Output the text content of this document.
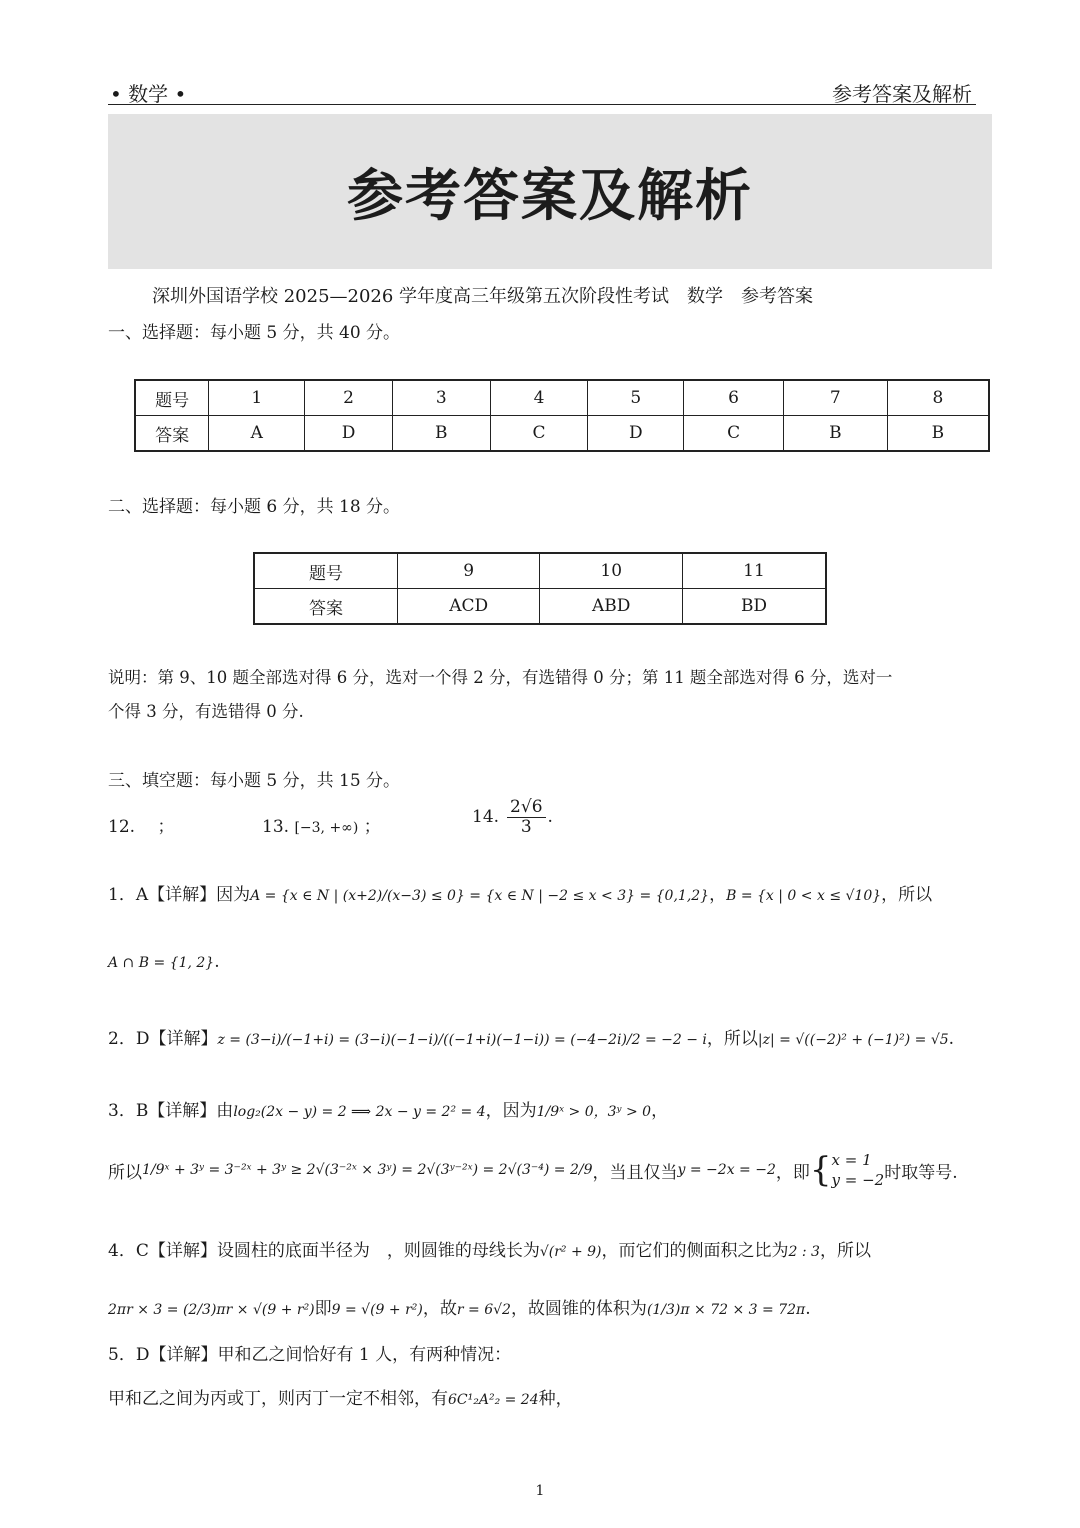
• 数学 •	参考答案及解析
参考答案及解析
深圳外国语学校 2025—2026 学年度高三年级第五次阶段性考试　数学　参考答案
一、选择题：每小题 5 分，共 40 分。
题号	1	2	3	4	5	6	7	8
答案	A	D	B	C	D	C	B	B
二、选择题：每小题 6 分，共 18 分。
题号	9	10	11
答案	ACD	ABD	BD
说明：第 9、10 题全部选对得 6 分，选对一个得 2 分，有选错得 0 分；第 11 题全部选对得 6 分，选对一
个得 3 分，有选错得 0 分.
三、填空题：每小题 5 分，共 15 分。
12.　 ；	13. [−3, +∞) ；	14. $\frac{2√6}{3}$ .
1．A【详解】因为A = {x ∈ N | (x+2)/(x−3) ≤ 0} = {x ∈ N | −2 ≤ x < 3} = {0,1,2}，B = {x | 0 < x ≤ √10}，所以
A ∩ B = {1, 2}.
2．D【详解】z = (3−i)/(−1+i) = (3−i)(−1−i)/((−1+i)(−1−i)) = (−4−2i)/2 = −2 − i，所以|z| = √((−2)² + (−1)²) = √5.
3．B【详解】由log₂(2x − y) = 2 ⟹ 2x − y = 2² = 4，因为1/9ˣ > 0，3ʸ > 0，
所以 1/9ˣ + 3ʸ = 3⁻²ˣ + 3ʸ ≥ 2√(3⁻²ˣ × 3ʸ) = 2√(3ʸ⁻²ˣ) = 2√(3⁻⁴) = 2/9 ，当且仅当 y = −2x = −2 ，即 { x = 1
y = −2 时取等号.
4．C【详解】设圆柱的底面半径为　，则圆锥的母线长为√(r² + 9)，而它们的侧面积之比为2 : 3，所以
2πr × 3 = (2/3)πr × √(9 + r²)即9 = √(9 + r²)，故r = 6√2，故圆锥的体积为(1/3)π × 72 × 3 = 72π.
5．D【详解】甲和乙之间恰好有 1 人，有两种情况：
甲和乙之间为丙或丁，则丙丁一定不相邻，有6C¹₂A²₂ = 24种，
1
